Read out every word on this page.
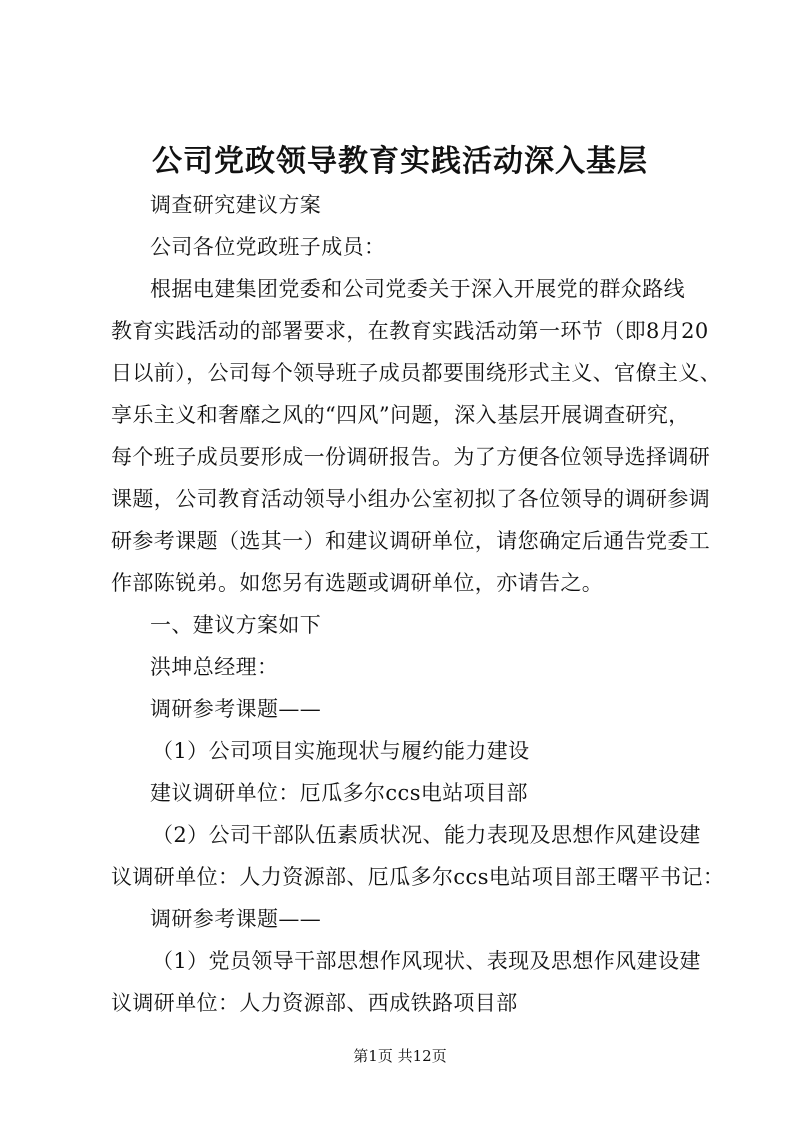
公司党政领导教育实践活动深入基层
调查研究建议方案
公司各位党政班子成员：
根据电建集团党委和公司党委关于深入开展党的群众路线
教育实践活动的部署要求，在教育实践活动第一环节（即8月20
日以前），公司每个领导班子成员都要围绕形式主义、官僚主义、
享乐主义和奢靡之风的“四风”问题，深入基层开展调查研究，
每个班子成员要形成一份调研报告。为了方便各位领导选择调研
课题，公司教育活动领导小组办公室初拟了各位领导的调研参调
研参考课题（选其一）和建议调研单位，请您确定后通告党委工
作部陈锐弟。如您另有选题或调研单位，亦请告之。
一、建议方案如下
洪坤总经理：
调研参考课题——
（1）公司项目实施现状与履约能力建设
建议调研单位：厄瓜多尔ccs电站项目部
（2）公司干部队伍素质状况、能力表现及思想作风建设建
议调研单位：人力资源部、厄瓜多尔ccs电站项目部王曙平书记：
调研参考课题——
（1）党员领导干部思想作风现状、表现及思想作风建设建
议调研单位：人力资源部、西成铁路项目部
第1页 共12页
